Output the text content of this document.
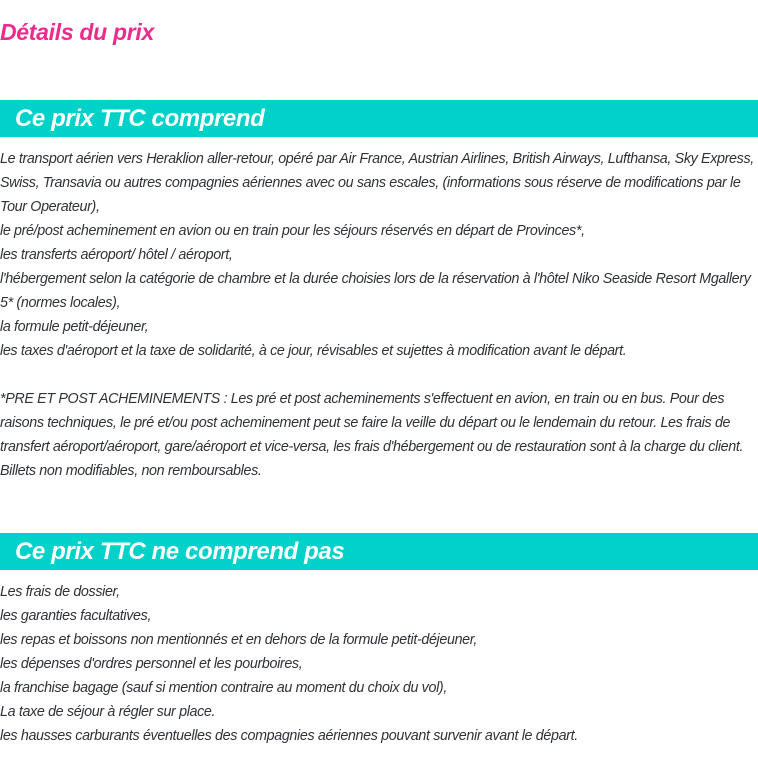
Détails du prix
Ce prix TTC comprend
Le transport aérien vers Heraklion aller-retour, opéré par Air France, Austrian Airlines, British Airways, Lufthansa, Sky Express, Swiss, Transavia ou autres compagnies aériennes avec ou sans escales, (informations sous réserve de modifications par le Tour Operateur),
le pré/post acheminement en avion ou en train pour les séjours réservés en départ de Provinces*,
les transferts aéroport/ hôtel / aéroport,
l'hébergement selon la catégorie de chambre et la durée choisies lors de la réservation à l'hôtel Niko Seaside Resort Mgallery 5* (normes locales),
la formule petit-déjeuner,
les taxes d'aéroport et la taxe de solidarité, à ce jour, révisables et sujettes à modification avant le départ.
*PRE ET POST ACHEMINEMENTS : Les pré et post acheminements s'effectuent en avion, en train ou en bus. Pour des raisons techniques, le pré et/ou post acheminement peut se faire la veille du départ ou le lendemain du retour. Les frais de transfert aéroport/aéroport, gare/aéroport et vice-versa, les frais d'hébergement ou de restauration sont à la charge du client. Billets non modifiables, non remboursables.
Ce prix TTC ne comprend pas
Les frais de dossier,
les garanties facultatives,
les repas et boissons non mentionnés et en dehors de la formule petit-déjeuner,
les dépenses d'ordres personnel et les pourboires,
la franchise bagage (sauf si mention contraire au moment du choix du vol),
La taxe de séjour à régler sur place.
les hausses carburants éventuelles des compagnies aériennes pouvant survenir avant le départ.
